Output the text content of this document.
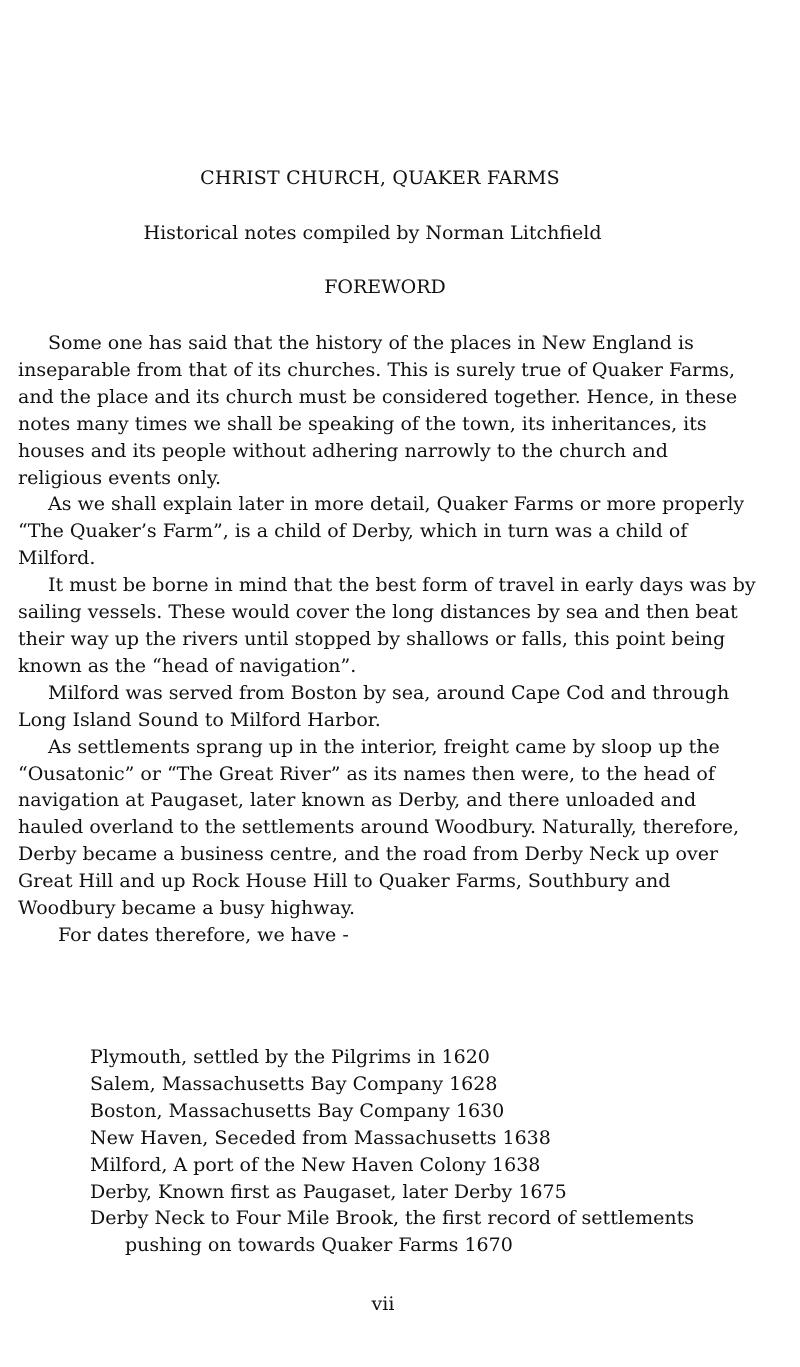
CHRIST CHURCH, QUAKER FARMS
Historical notes compiled by Norman Litchfield
FOREWORD

Some one has said that the history of the places in New England is inseparable from that of its churches. This is surely true of Quaker Farms, and the place and its church must be considered together. Hence, in these notes many times we shall be speaking of the town, its inheritances, its houses and its people without adhering narrowly to the church and religious events only.

As we shall explain later in more detail, Quaker Farms or more properly “The Quaker’s Farm”, is a child of Derby, which in turn was a child of Milford.

It must be borne in mind that the best form of travel in early days was by sailing vessels. These would cover the long distances by sea and then beat their way up the rivers until stopped by shallows or falls, this point being known as the “head of navigation”.

Milford was served from Boston by sea, around Cape Cod and through Long Island Sound to Milford Harbor.

As settlements sprang up in the interior, freight came by sloop up the “Ousatonic” or “The Great River” as its names then were, to the head of navigation at Paugaset, later known as Derby, and there unloaded and hauled overland to the settlements around Woodbury. Naturally, therefore, Derby became a business centre, and the road from Derby Neck up over Great Hill and up Rock House Hill to Quaker Farms, Southbury and Woodbury became a busy highway.

For dates therefore, we have -

Plymouth, settled by the Pilgrims in 1620

Salem, Massachusetts Bay Company 1628

Boston, Massachusetts Bay Company 1630

New Haven, Seceded from Massachusetts 1638

Milford, A port of the New Haven Colony 1638

Derby, Known first as Paugaset, later Derby 1675

Derby Neck to Four Mile Brook, the first record of settlements pushing on towards Quaker Farms 1670

vii
